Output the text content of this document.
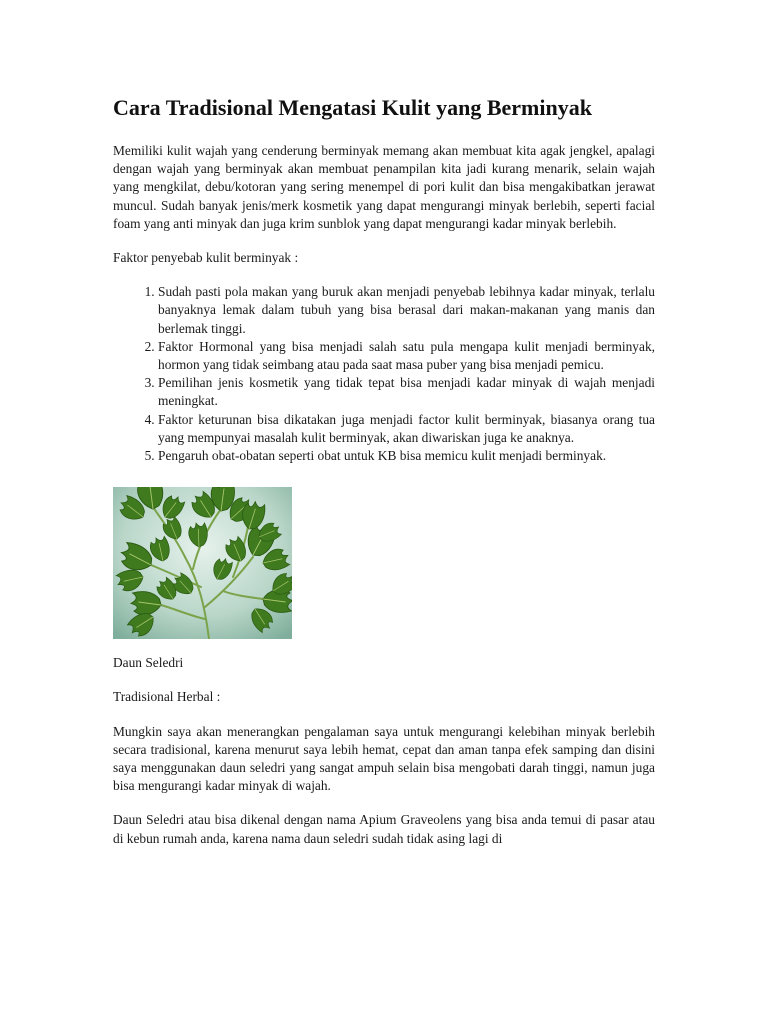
Cara Tradisional Mengatasi Kulit yang Berminyak

Memiliki kulit wajah yang cenderung berminyak memang akan membuat kita agak jengkel, apalagi dengan wajah yang berminyak akan membuat penampilan kita jadi kurang menarik, selain wajah yang mengkilat, debu/kotoran yang sering menempel di pori kulit dan bisa mengakibatkan jerawat muncul. Sudah banyak jenis/merk kosmetik yang dapat mengurangi minyak berlebih, seperti facial foam yang anti minyak dan juga krim sunblok yang dapat mengurangi kadar minyak berlebih.

Faktor penyebab kulit berminyak :

1. Sudah pasti pola makan yang buruk akan menjadi penyebab lebihnya kadar minyak, terlalu banyaknya lemak dalam tubuh yang bisa berasal dari makan-makanan yang manis dan berlemak tinggi.
2. Faktor Hormonal yang bisa menjadi salah satu pula mengapa kulit menjadi berminyak, hormon yang tidak seimbang atau pada saat masa puber yang bisa menjadi pemicu.
3. Pemilihan jenis kosmetik yang tidak tepat bisa menjadi kadar minyak di wajah menjadi meningkat.
4. Faktor keturunan bisa dikatakan juga menjadi factor kulit berminyak, biasanya orang tua yang mempunyai masalah kulit berminyak, akan diwariskan juga ke anaknya.
5. Pengaruh obat-obatan seperti obat untuk KB bisa memicu kulit menjadi berminyak.

Daun Seledri

Tradisional Herbal :

Mungkin saya akan menerangkan pengalaman saya untuk mengurangi kelebihan minyak berlebih secara tradisional, karena menurut saya lebih hemat, cepat dan aman tanpa efek samping dan disini saya menggunakan daun seledri yang sangat ampuh selain bisa mengobati darah tinggi, namun juga bisa mengurangi kadar minyak di wajah.

Daun Seledri atau bisa dikenal dengan nama Apium Graveolens yang bisa anda temui di pasar atau di kebun rumah anda, karena nama daun seledri sudah tidak asing lagi di
